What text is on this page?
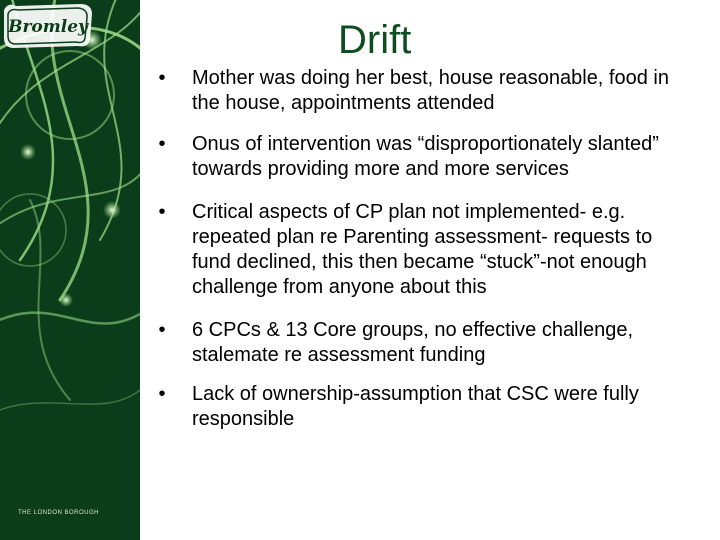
Bromley
THE LONDON BOROUGH
Drift
•	Mother was doing her best, house reasonable, food in the house, appointments attended
•	Onus of intervention was “disproportionately slanted” towards providing more and more services
•	Critical aspects of CP plan not implemented- e.g. repeated plan re Parenting assessment- requests to fund declined, this then became “stuck”-not enough challenge from anyone about this
•	6 CPCs & 13 Core groups, no effective challenge, stalemate re assessment funding
•	Lack of ownership-assumption that CSC were fully responsible
